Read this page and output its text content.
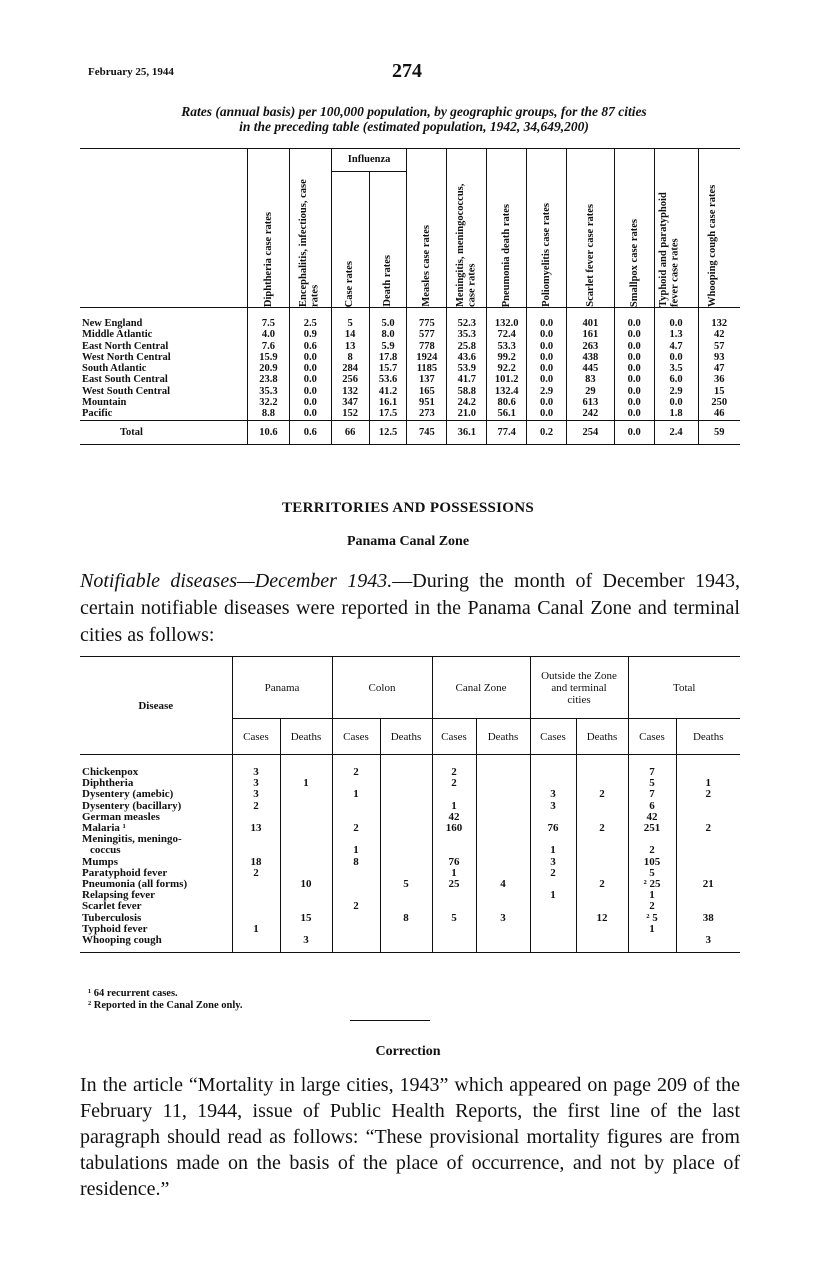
February 25, 1944	274
Rates (annual basis) per 100,000 population, by geographic groups, for the 87 cities
in the preceding table (estimated population, 1942, 34,649,200)

	Diphtheria case rates	Encephalitis, infectious, case rates	Influenza		Measles case rates	Meningitis, meningococcus, case rates	Pneumonia death rates	Poliomyelitis case rates	Scarlet fever case rates	Smallpox case rates	Typhoid and paratyphoid fever case rates	Whooping cough case rates

			Case rates	Death rates								

New England	7.5	2.5	5	5.0	775	52.3	132.0	0.0	401	0.0	0.0	132
Middle Atlantic	4.0	0.9	14	8.0	577	35.3	72.4	0.0	161	0.0	1.3	42
East North Central	7.6	0.6	13	5.9	778	25.8	53.3	0.0	263	0.0	4.7	57
West North Central	15.9	0.0	8	17.8	1924	43.6	99.2	0.0	438	0.0	0.0	93
South Atlantic	20.9	0.0	284	15.7	1185	53.9	92.2	0.0	445	0.0	3.5	47
East South Central	23.8	0.0	256	53.6	137	41.7	101.2	0.0	83	0.0	6.0	36
West South Central	35.3	0.0	132	41.2	165	58.8	132.4	2.9	29	0.0	2.9	15
Mountain	32.2	0.0	347	16.1	951	24.2	80.6	0.0	613	0.0	0.0	250
Pacific	8.8	0.0	152	17.5	273	21.0	56.1	0.0	242	0.0	1.8	46
Total	10.6	0.6	66	12.5	745	36.1	77.4	0.2	254	0.0	2.4	59
TERRITORIES AND POSSESSIONS
Panama Canal Zone
Notifiable diseases—December 1943.—During the month of December 1943, certain notifiable diseases were reported in the Panama Canal Zone and terminal cities as follows:
Disease	Panama		Colon		Canal Zone		Outside the Zone and terminal cities		Total	
	Cases	Deaths	Cases	Deaths	Cases	Deaths	Cases	Deaths	Cases	Deaths

Chickenpox	3		2		2				7	
Diphtheria	3	1			2				5	1
Dysentery (amebic)	3		1				3	2	7	2
Dysentery (bacillary)	2				1		3		6	
German measles					42				42	
Malaria ¹	13		2		160		76	2	251	2
Meningitis, meningo-										
coccus			1				1		2	
Mumps	18		8		76		3		105	
Paratyphoid fever	2				1		2		5	
Pneumonia (all forms)		10		5	25	4		2	² 25	21
Relapsing fever							1		1	
Scarlet fever			2						2	
Tuberculosis		15		8	5	3		12	² 5	38
Typhoid fever	1								1	
Whooping cough		3								3

¹ 64 recurrent cases.
² Reported in the Canal Zone only.
Correction
In the article “Mortality in large cities, 1943” which appeared on page 209 of the February 11, 1944, issue of Public Health Reports, the first line of the last paragraph should read as follows: “These provisional mortality figures are from tabulations made on the basis of the place of occurrence, and not by place of residence.”
